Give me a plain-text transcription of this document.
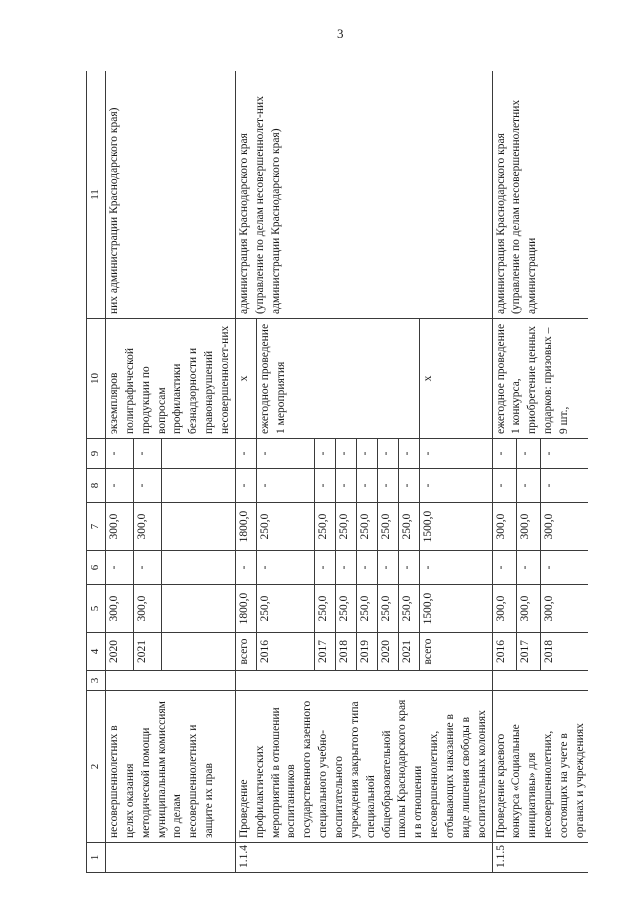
3
1	2	3	4	5	6	7	8	9	10	11
	несовершеннолетних в целях оказания методической помощи муниципальным комиссиям по делам несовершеннолетних и защите их прав		2020	300,0	-	300,0	-	-	экземпляров полиграфической продукции по вопросам профилактики безнадзорности и правонарушений несовершеннолет-них	них администрации Краснодарского края)
			2021	300,0	-	300,0	-	-		

1.1.4	Проведение профилактических мероприятий в отношении воспитанников государственного казенного специального учебно-воспитательного учреждения закрытого типа специальной общеобразовательной школы Краснодарского края и в отношении несовершеннолетних, отбывающих наказание в виде лишения свободы в воспитательных колониях		всего	1800,0	-	1800,0	-	-	x	администрация Краснодарского края (управление по делам несовершеннолет-них администрации Краснодарского края)
			2016	250,0	-	250,0	-	-	ежегодное проведение 1 мероприятия	
			2017	250,0	-	250,0	-	-		
			2018	250,0	-	250,0	-	-		
			2019	250,0	-	250,0	-	-		
			2020	250,0	-	250,0	-	-		
			2021	250,0	-	250,0	-	-		
			всего	1500,0	-	1500,0	-	-	x	
1.1.5	Проведение краевого конкурса «Социальные инициативы» для несовершеннолетних, состоящих на учете в органах и учреждениях		2016	300,0	-	300,0	-	-	ежегодное проведение 1 конкурса, приобретение ценных подарков: призовых – 9 шт.,	администрация Краснодарского края (управление по делам несовершеннолетних администрации
			2017	300,0	-	300,0	-	-		
			2018	300,0	-	300,0	-	-		
